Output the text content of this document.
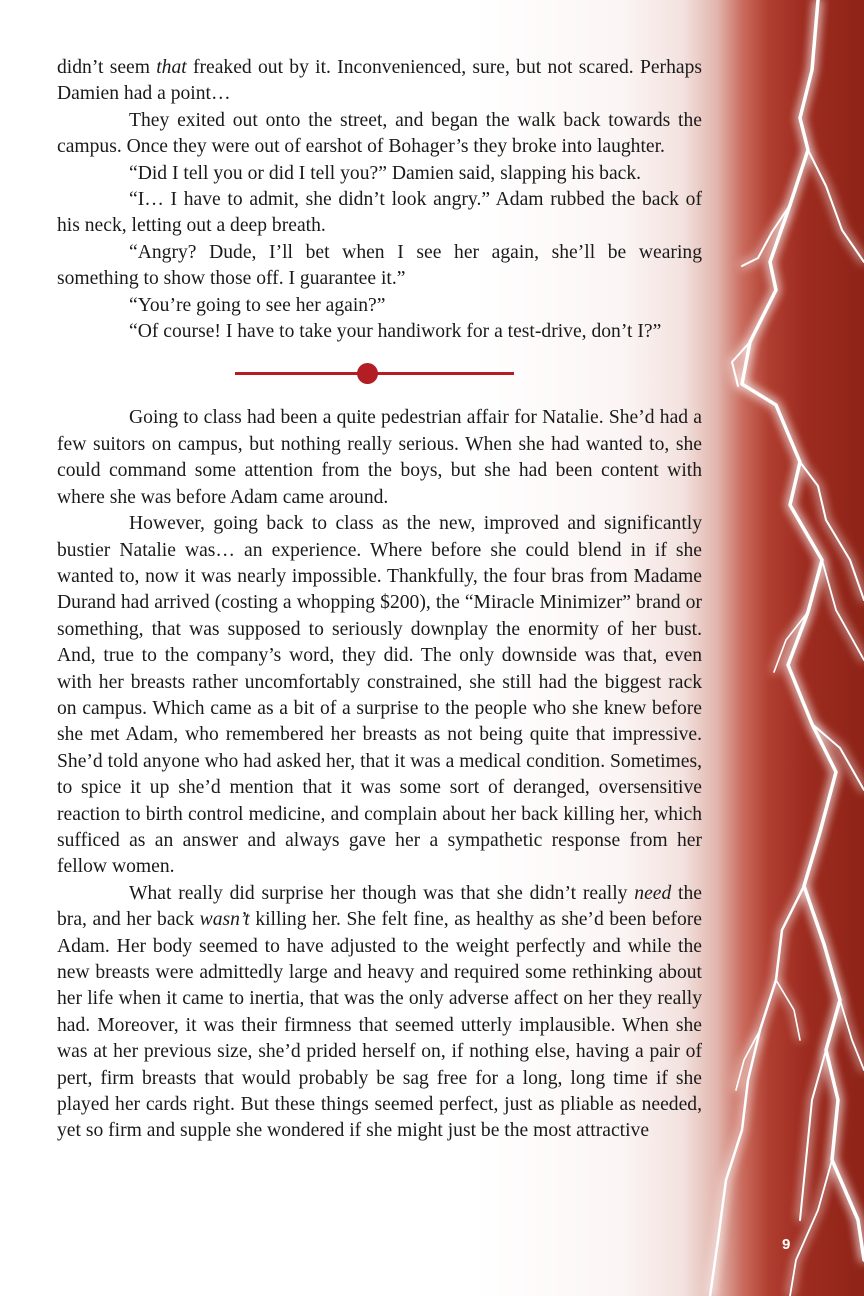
didn’t seem that freaked out by it. Inconvenienced, sure, but not scared. Perhaps Damien had a point…

They exited out onto the street, and began the walk back towards the campus. Once they were out of earshot of Bohager’s they broke into laughter.

“Did I tell you or did I tell you?” Damien said, slapping his back.

“I… I have to admit, she didn’t look angry.” Adam rubbed the back of his neck, letting out a deep breath.

“Angry? Dude, I’ll bet when I see her again, she’ll be wearing something to show those off. I guarantee it.”

“You’re going to see her again?”

“Of course! I have to take your handiwork for a test-drive, don’t I?”

Going to class had been a quite pedestrian affair for Natalie. She’d had a few suitors on campus, but nothing really serious. When she had wanted to, she could command some attention from the boys, but she had been content with where she was before Adam came around.

However, going back to class as the new, improved and significantly bustier Natalie was… an experience. Where before she could blend in if she wanted to, now it was nearly impossible. Thankfully, the four bras from Madame Durand had arrived (costing a whopping $200), the “Miracle Minimizer” brand or something, that was supposed to seriously downplay the enormity of her bust. And, true to the company’s word, they did. The only downside was that, even with her breasts rather uncomfortably constrained, she still had the biggest rack on campus. Which came as a bit of a surprise to the people who she knew before she met Adam, who remembered her breasts as not being quite that impressive. She’d told anyone who had asked her, that it was a medical condition. Sometimes, to spice it up she’d mention that it was some sort of deranged, oversensitive reaction to birth control medicine, and complain about her back killing her, which sufficed as an answer and always gave her a sympathetic response from her fellow women.

What really did surprise her though was that she didn’t really need the bra, and her back wasn’t killing her. She felt fine, as healthy as she’d been before Adam. Her body seemed to have adjusted to the weight perfectly and while the new breasts were admittedly large and heavy and required some rethinking about her life when it came to inertia, that was the only adverse affect on her they really had. Moreover, it was their firmness that seemed utterly implausible. When she was at her previous size, she’d prided herself on, if nothing else, having a pair of pert, firm breasts that would probably be sag free for a long, long time if she played her cards right. But these things seemed perfect, just as pliable as needed, yet so firm and supple she wondered if she might just be the most attractive

9
